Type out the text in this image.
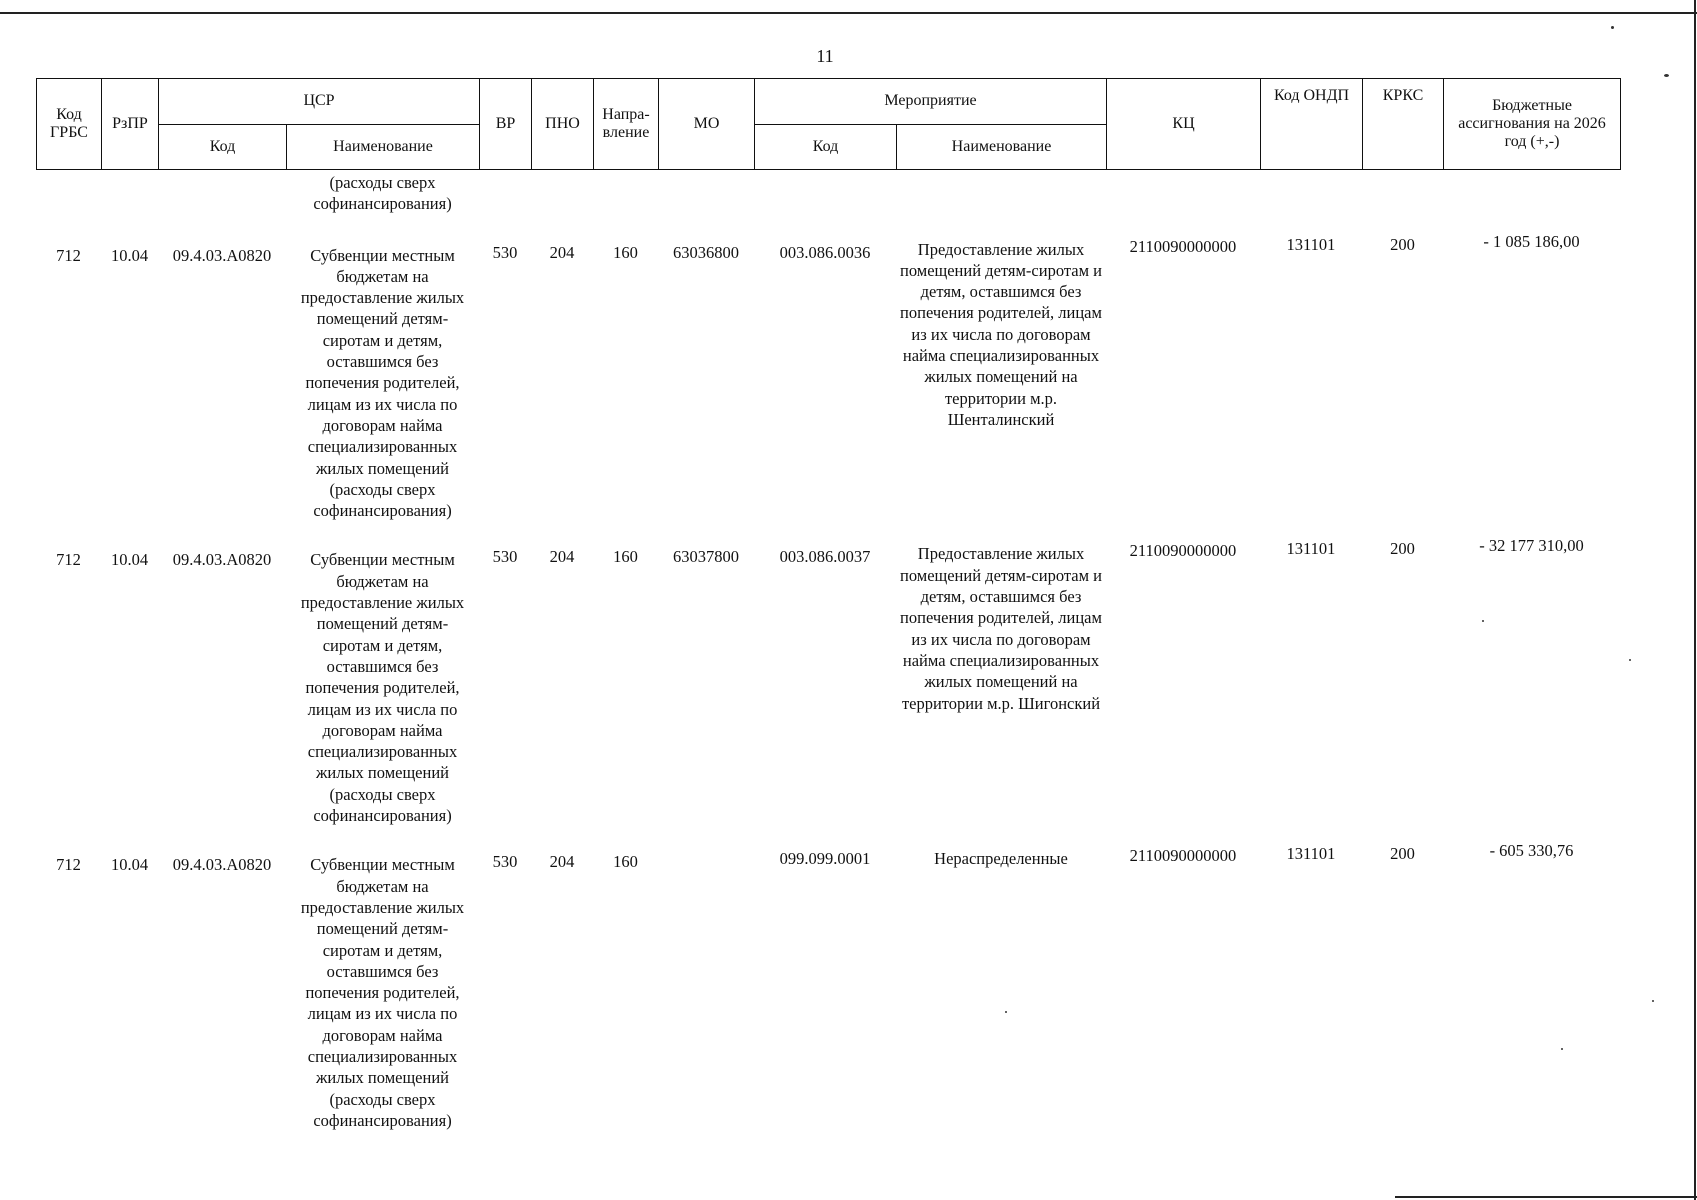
11
Код ГРБС	РзПР	ЦСР		ВР	ПНО	Напра-вление	МО	Мероприятие		КЦ	Код ОНДП	КРКС	Бюджетные ассигнования на 2026 год (+,-)
		Код	Наименование					Код	Наименование				
			(расходы сверх софинансирования)										
712	10.04	09.4.03.А0820	Субвенции местным бюджетам на предоставление жилых помещений детям-сиротам и детям, оставшимся без попечения родителей, лицам из их числа по договорам найма специализированных жилых помещений (расходы сверх софинансирования)	530	204	160	63036800	003.086.0036	Предоставление жилых помещений детям-сиротам и детям, оставшимся без попечения родителей, лицам из их числа по договорам найма специализированных жилых помещений на территории м.р. Шенталинский	2110090000000	131101	200	- 1 085 186,00
712	10.04	09.4.03.А0820	Субвенции местным бюджетам на предоставление жилых помещений детям-сиротам и детям, оставшимся без попечения родителей, лицам из их числа по договорам найма специализированных жилых помещений (расходы сверх софинансирования)	530	204	160	63037800	003.086.0037	Предоставление жилых помещений детям-сиротам и детям, оставшимся без попечения родителей, лицам из их числа по договорам найма специализированных жилых помещений на территории м.р. Шигонский	2110090000000	131101	200	- 32 177 310,00
712	10.04	09.4.03.А0820	Субвенции местным бюджетам на предоставление жилых помещений детям-сиротам и детям, оставшимся без попечения родителей, лицам из их числа по договорам найма специализированных жилых помещений (расходы сверх софинансирования)	530	204	160		099.099.0001	Нераспределенные	2110090000000	131101	200	- 605 330,76
